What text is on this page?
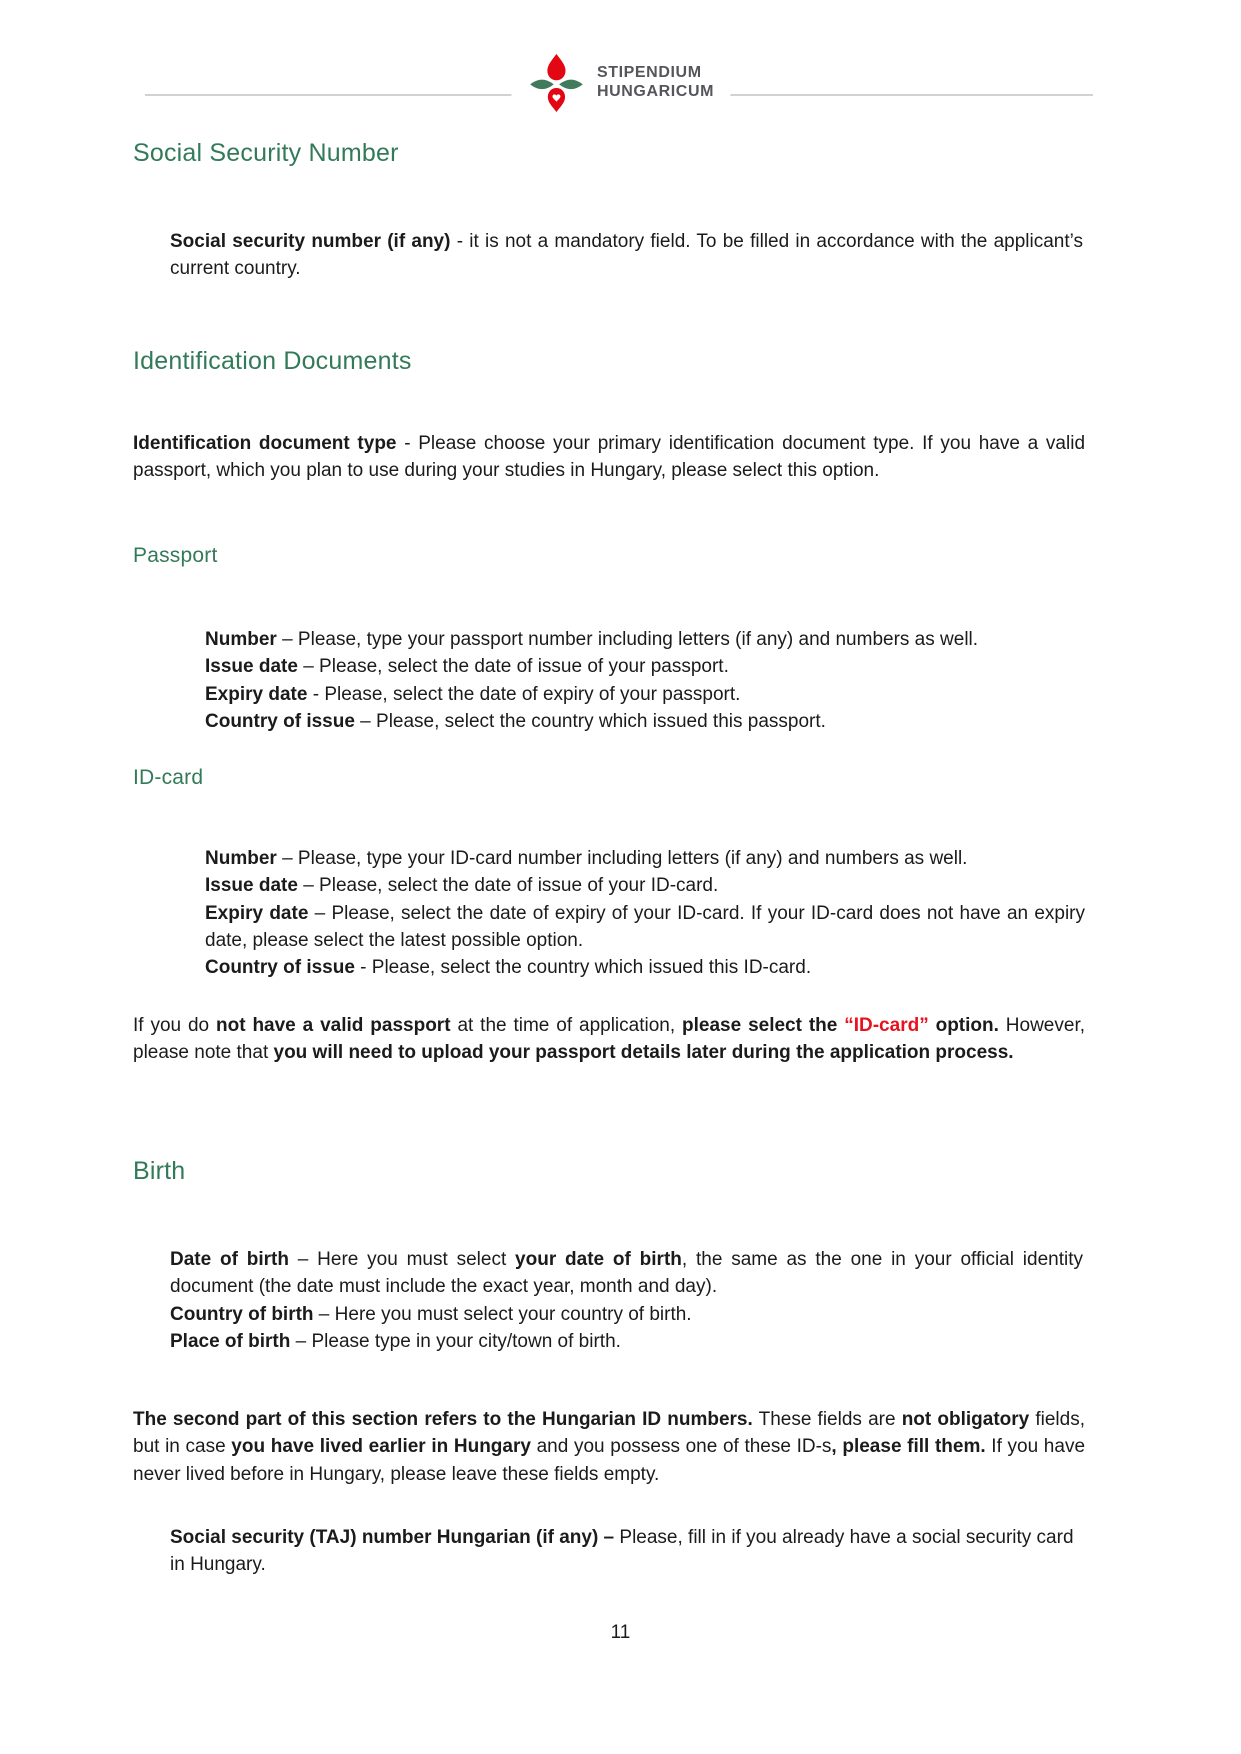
STIPENDIUM
HUNGARICUM
Social Security Number
Social security number (if any) - it is not a mandatory field. To be filled in accordance with the applicant’s current country.
Identification Documents
Identification document type - Please choose your primary identification document type. If you have a valid passport, which you plan to use during your studies in Hungary, please select this option.
Passport

Number – Please, type your passport number including letters (if any) and numbers as well.

Issue date – Please, select the date of issue of your passport.

Expiry date - Please, select the date of expiry of your passport.

Country of issue – Please, select the country which issued this passport.

ID-card

Number – Please, type your ID-card number including letters (if any) and numbers as well.

Issue date – Please, select the date of issue of your ID-card.

Expiry date – Please, select the date of expiry of your ID-card. If your ID-card does not have an expiry date, please select the latest possible option.

Country of issue - Please, select the country which issued this ID-card.

If you do not have a valid passport at the time of application, please select the “ID-card” option. However, please note that you will need to upload your passport details later during the application process.
Birth

Date of birth – Here you must select your date of birth, the same as the one in your official identity document (the date must include the exact year, month and day).

Country of birth – Here you must select your country of birth.

Place of birth – Please type in your city/town of birth.

The second part of this section refers to the Hungarian ID numbers. These fields are not obligatory fields, but in case you have lived earlier in Hungary and you possess one of these ID-s, please fill them. If you have never lived before in Hungary, please leave these fields empty.
Social security (TAJ) number Hungarian (if any) – Please, fill in if you already have a social security card in Hungary.
11
